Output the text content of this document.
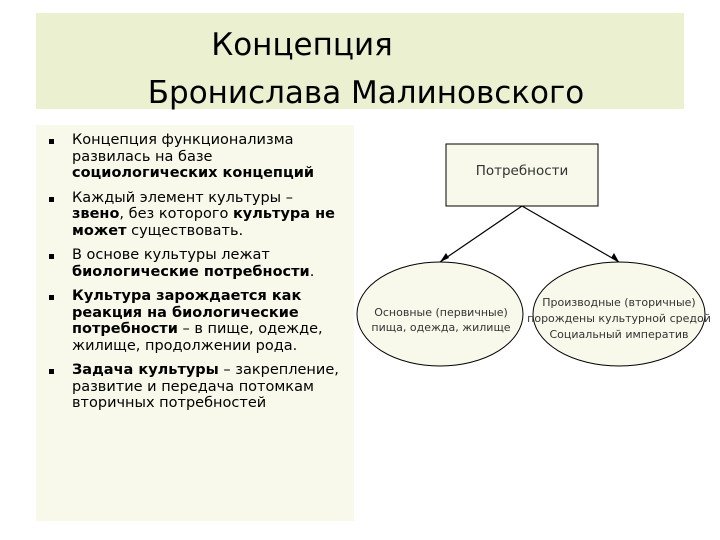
Концепция
Бронислава Малиновского
Концепция функционализма развилась на базе социологических концепций
Каждый элемент культуры – звено, без которого культура не может существовать.
В основе культуры лежат биологические потребности.
Культура зарождается как реакция на биологические потребности – в пище, одежде, жилище, продолжении рода.
Задача культуры – закрепление, развитие и передача потомкам вторичных потребностей
Потребности
Основные (первичные)
пища, одежда, жилище
Производные (вторичные)
порождены культурной средой
Социальный императив
